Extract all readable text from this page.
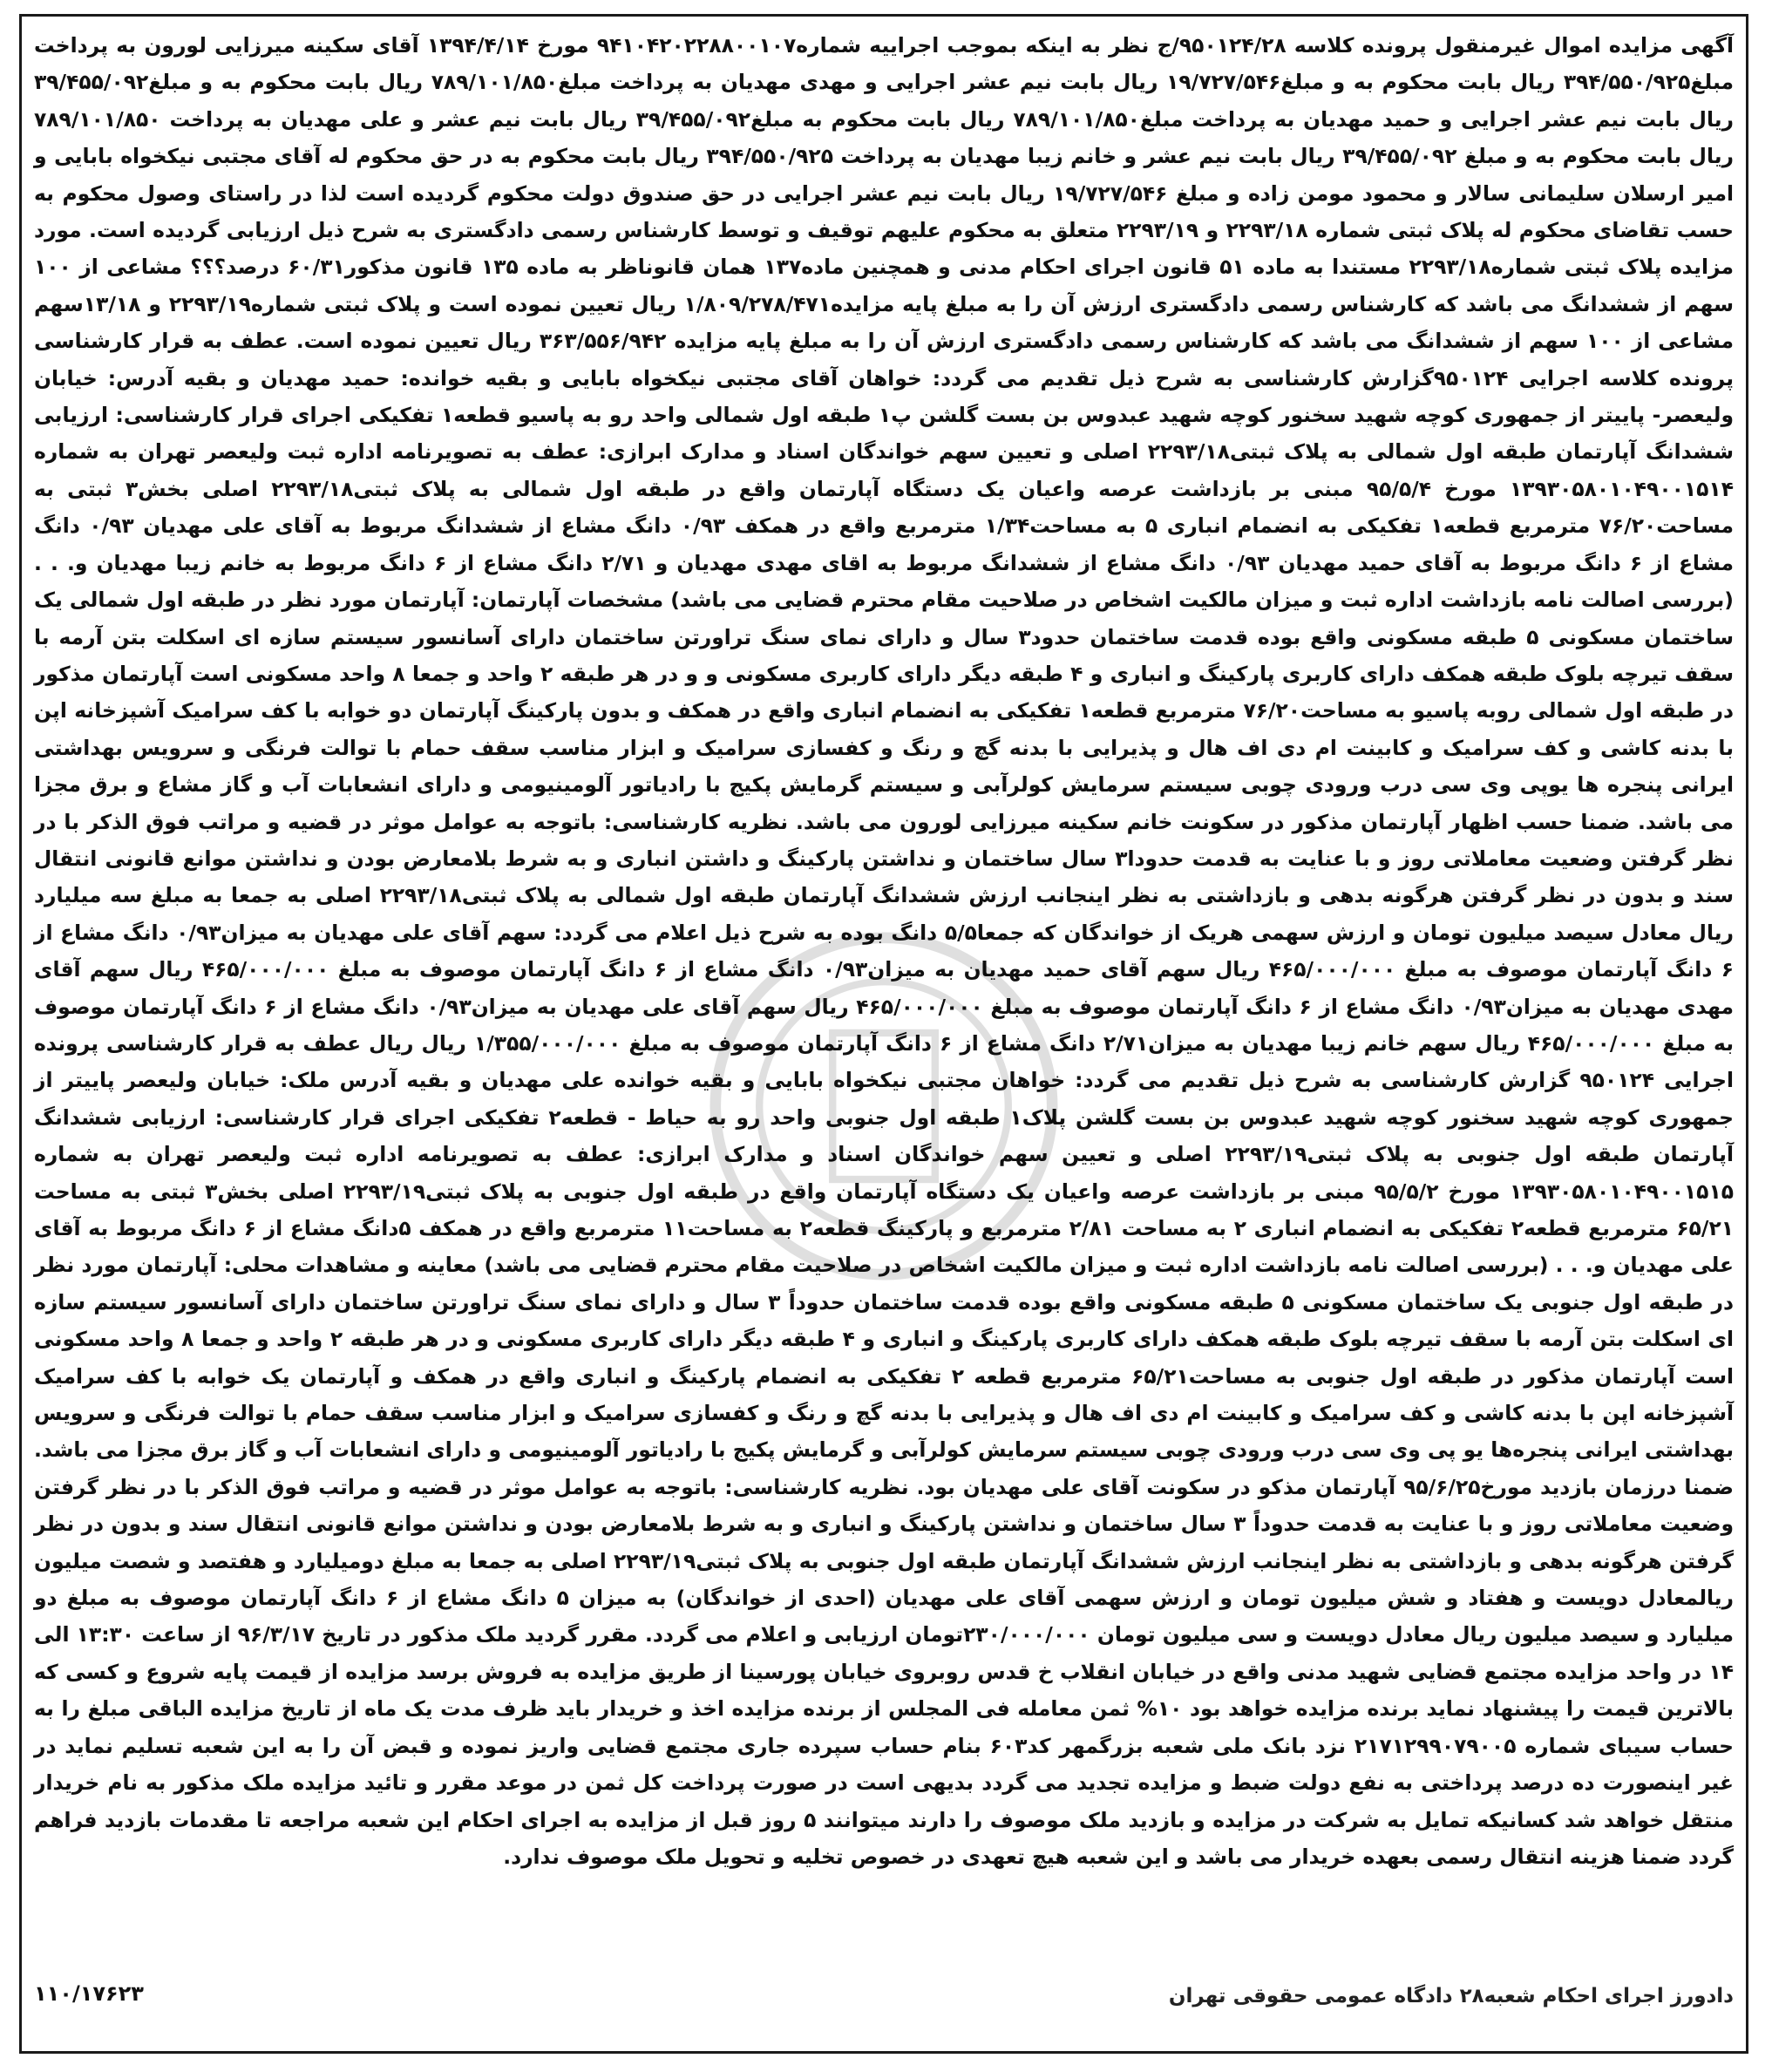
آگهی مزایده اموال غیرمنقول پرونده کلاسه ۹۵۰۱۲۴/۲۸/ج نظر به اینکه بموجب اجراییه شماره۹۴۱۰۴۲۰۲۲۸۸۰۰۱۰۷ مورخ ۱۳۹۴/۴/۱۴ آقای سکینه میرزایی لورون به پرداخت مبلغ۳۹۴/۵۵۰/۹۲۵ ریال بابت محکوم به و مبلغ۱۹/۷۲۷/۵۴۶ ریال بابت نیم عشر اجرایی و مهدی مهدیان به پرداخت مبلغ۷۸۹/۱۰۱/۸۵۰ ریال بابت محکوم به و مبلغ۳۹/۴۵۵/۰۹۲ ریال بابت نیم عشر اجرایی و حمید مهدیان به پرداخت مبلغ۷۸۹/۱۰۱/۸۵۰ ریال بابت محکوم به مبلغ۳۹/۴۵۵/۰۹۲ ریال بابت نیم عشر و علی مهدیان به پرداخت ۷۸۹/۱۰۱/۸۵۰ ریال بابت محکوم به و مبلغ ۳۹/۴۵۵/۰۹۲ ریال بابت نیم عشر و خانم زیبا مهدیان به پرداخت ۳۹۴/۵۵۰/۹۲۵ ریال بابت محکوم به در حق محکوم له آقای مجتبی نیکخواه بابایی و امیر ارسلان سلیمانی سالار و محمود مومن زاده و مبلغ ۱۹/۷۲۷/۵۴۶ ریال بابت نیم عشر اجرایی در حق صندوق دولت محکوم گردیده است لذا در راستای وصول محکوم به حسب تقاضای محکوم له پلاک ثبتی شماره ۲۲۹۳/۱۸ و ۲۲۹۳/۱۹ متعلق به محکوم علیهم توقیف و توسط کارشناس رسمی دادگستری به شرح ذیل ارزیابی گردیده است. مورد مزایده پلاک ثبتی شماره۲۲۹۳/۱۸ مستندا به ماده ۵۱ قانون اجرای احکام مدنی و همچنین ماده۱۳۷ همان قانوناظر به ماده ۱۳۵ قانون مذکور۶۰/۳۱ درصد؟؟؟ مشاعی از ۱۰۰ سهم از ششدانگ می باشد که کارشناس رسمی دادگستری ارزش آن را به مبلغ پایه مزایده۱/۸۰۹/۲۷۸/۴۷۱ ریال تعیین نموده است و پلاک ثبتی شماره۲۲۹۳/۱۹ و ۱۳/۱۸سهم مشاعی از ۱۰۰ سهم از ششدانگ می باشد که کارشناس رسمی دادگستری ارزش آن را به مبلغ پایه مزایده ۳۶۳/۵۵۶/۹۴۲ ریال تعیین نموده است. عطف به قرار کارشناسی پرونده کلاسه اجرایی ۹۵۰۱۲۴گزارش کارشناسی به شرح ذیل تقدیم می گردد: خواهان آقای مجتبی نیکخواه بابایی و بقیه خوانده: حمید مهدیان و بقیه آدرس: خیابان ولیعصر- پاییتر از جمهوری کوچه شهید سخنور کوچه شهید عبدوس بن بست گلشن پ۱ طبقه اول شمالی واحد رو به پاسیو قطعه۱ تفکیکی اجرای قرار کارشناسی: ارزیابی ششدانگ آپارتمان طبقه اول شمالی به پلاک ثبتی۲۲۹۳/۱۸ اصلی و تعیین سهم خواندگان اسناد و مدارک ابرازی: عطف به تصویرنامه اداره ثبت ولیعصر تهران به شماره ۱۳۹۳۰۵۸۰۱۰۴۹۰۰۱۵۱۴ مورخ ۹۵/۵/۴ مبنی بر بازداشت عرصه واعیان یک دستگاه آپارتمان واقع در طبقه اول شمالی به پلاک ثبتی۲۲۹۳/۱۸ اصلی بخش۳ ثبتی به مساحت۷۶/۲۰ مترمربع قطعه۱ تفکیکی به انضمام انباری ۵ به مساحت۱/۳۴ مترمربع واقع در همکف ۰/۹۳ دانگ مشاع از ششدانگ مربوط به آقای علی مهدیان ۰/۹۳ دانگ مشاع از ۶ دانگ مربوط به آقای حمید مهدیان ۰/۹۳ دانگ مشاع از ششدانگ مربوط به اقای مهدی مهدیان و ۲/۷۱ دانگ مشاع از ۶ دانگ مربوط به خانم زیبا مهدیان و. . . (بررسی اصالت نامه بازداشت اداره ثبت و میزان مالکیت اشخاص در صلاحیت مقام محترم قضایی می باشد) مشخصات آپارتمان: آپارتمان مورد نظر در طبقه اول شمالی یک ساختمان مسکونی ۵ طبقه مسکونی واقع بوده قدمت ساختمان حدود۳ سال و دارای نمای سنگ تراورتن ساختمان دارای آسانسور سیستم سازه ای اسکلت بتن آرمه با سقف تیرچه بلوک طبقه همکف دارای کاربری پارکینگ و انباری و ۴ طبقه دیگر دارای کاربری مسکونی و و در هر طبقه ۲ واحد و جمعا ۸ واحد مسکونی است آپارتمان مذکور در طبقه اول شمالی روبه پاسیو به مساحت۷۶/۲۰ مترمربع قطعه۱ تفکیکی به انضمام انباری واقع در همکف و بدون پارکینگ آپارتمان دو خوابه با کف سرامیک آشپزخانه اپن با بدنه کاشی و کف سرامیک و کابینت ام دی اف هال و پذیرایی با بدنه گچ و رنگ و کفسازی سرامیک و ابزار مناسب سقف حمام با توالت فرنگی و سرویس بهداشتی ایرانی پنجره ها یوپی وی سی درب ورودی چوبی سیستم سرمایش کولرآبی و سیستم گرمایش پکیج با رادیاتور آلومینیومی و دارای انشعابات آب و گاز مشاع و برق مجزا می باشد. ضمنا حسب اظهار آپارتمان مذکور در سکونت خانم سکینه میرزایی لورون می باشد. نظریه کارشناسی: باتوجه به عوامل موثر در قضیه و مراتب فوق الذکر با در نظر گرفتن وضعیت معاملاتی روز و با عنایت به قدمت حدودا۳ سال ساختمان و نداشتن پارکینگ و داشتن انباری و به شرط بلامعارض بودن و نداشتن موانع قانونی انتقال سند و بدون در نظر گرفتن هرگونه بدهی و بازداشتی به نظر اینجانب ارزش ششدانگ آپارتمان طبقه اول شمالی به پلاک ثبتی۲۲۹۳/۱۸ اصلی به جمعا به مبلغ سه میلیارد ریال معادل سیصد میلیون تومان و ارزش سهمی هریک از خواندگان که جمعا۵/۵ دانگ بوده به شرح ذیل اعلام می گردد: سهم آقای علی مهدیان به میزان۰/۹۳ دانگ مشاع از ۶ دانگ آپارتمان موصوف به مبلغ ۴۶۵/۰۰۰/۰۰۰ ریال سهم آقای حمید مهدیان به میزان۰/۹۳ دانگ مشاع از ۶ دانگ آپارتمان موصوف به مبلغ ۴۶۵/۰۰۰/۰۰۰ ریال سهم آقای مهدی مهدیان به میزان۰/۹۳ دانگ مشاع از ۶ دانگ آپارتمان موصوف به مبلغ ۴۶۵/۰۰۰/۰۰۰ ریال سهم آقای علی مهدیان به میزان۰/۹۳ دانگ مشاع از ۶ دانگ آپارتمان موصوف به مبلغ ۴۶۵/۰۰۰/۰۰۰ ریال سهم خانم زیبا مهدیان به میزان۲/۷۱ دانگ مشاع از ۶ دانگ آپارتمان موصوف به مبلغ ۱/۳۵۵/۰۰۰/۰۰۰ ریال ریال عطف به قرار کارشناسی پرونده اجرایی ۹۵۰۱۲۴ گزارش کارشناسی به شرح ذیل تقدیم می گردد: خواهان مجتبی نیکخواه بابایی و بقیه خوانده علی مهدیان و بقیه آدرس ملک: خیابان ولیعصر پاییتر از جمهوری کوچه شهید سخنور کوچه شهید عبدوس بن بست گلشن پلاک۱ طبقه اول جنوبی واحد رو به حیاط - قطعه۲ تفکیکی اجرای قرار کارشناسی: ارزیابی ششدانگ آپارتمان طبقه اول جنوبی به پلاک ثبتی۲۲۹۳/۱۹ اصلی و تعیین سهم خواندگان اسناد و مدارک ابرازی: عطف به تصویرنامه اداره ثبت ولیعصر تهران به شماره ۱۳۹۳۰۵۸۰۱۰۴۹۰۰۱۵۱۵ مورخ ۹۵/۵/۲ مبنی بر بازداشت عرصه واعیان یک دستگاه آپارتمان واقع در طبقه اول جنوبی به پلاک ثبتی۲۲۹۳/۱۹ اصلی بخش۳ ثبتی به مساحت ۶۵/۲۱ مترمربع قطعه۲ تفکیکی به انضمام انباری ۲ به مساحت ۲/۸۱ مترمربع و پارکینگ قطعه۲ به مساحت۱۱ مترمربع واقع در همکف ۵دانگ مشاع از ۶ دانگ مربوط به آقای علی مهدیان و. . . (بررسی اصالت نامه بازداشت اداره ثبت و میزان مالکیت اشخاص در صلاحیت مقام محترم قضایی می باشد) معاینه و مشاهدات محلی: آپارتمان مورد نظر در طبقه اول جنوبی یک ساختمان مسکونی ۵ طبقه مسکونی واقع بوده قدمت ساختمان حدوداً ۳ سال و دارای نمای سنگ تراورتن ساختمان دارای آسانسور سیستم سازه ای اسکلت بتن آرمه با سقف تیرچه بلوک طبقه همکف دارای کاربری پارکینگ و انباری و ۴ طبقه دیگر دارای کاربری مسکونی و در هر طبقه ۲ واحد و جمعا ۸ واحد مسکونی است آپارتمان مذکور در طبقه اول جنوبی به مساحت۶۵/۲۱ مترمربع قطعه ۲ تفکیکی به انضمام پارکینگ و انباری واقع در همکف و آپارتمان یک خوابه با کف سرامیک آشپزخانه اپن با بدنه کاشی و کف سرامیک و کابینت ام دی اف هال و پذیرایی با بدنه گچ و رنگ و کفسازی سرامیک و ابزار مناسب سقف حمام با توالت فرنگی و سرویس بهداشتی ایرانی پنجره‌ها یو پی وی سی درب ورودی چوبی سیستم سرمایش کولرآبی و گرمایش پکیج با رادیاتور آلومینیومی و دارای انشعابات آب و گاز برق مجزا می باشد. ضمنا درزمان بازدید مورخ۹۵/۶/۲۵ آپارتمان مذکو در سکونت آقای علی مهدیان بود. نظریه کارشناسی: باتوجه به عوامل موثر در قضیه و مراتب فوق الذکر با در نظر گرفتن وضعیت معاملاتی روز و با عنایت به قدمت حدوداً ۳ سال ساختمان و نداشتن پارکینگ و انباری و به شرط بلامعارض بودن و نداشتن موانع قانونی انتقال سند و بدون در نظر گرفتن هرگونه بدهی و بازداشتی به نظر اینجانب ارزش ششدانگ آپارتمان طبقه اول جنوبی به پلاک ثبتی۲۲۹۳/۱۹ اصلی به جمعا به مبلغ دومیلیارد و هفتصد و شصت میلیون ریالمعادل دویست و هفتاد و شش میلیون تومان و ارزش سهمی آقای علی مهدیان (احدی از خواندگان) به میزان ۵ دانگ مشاع از ۶ دانگ آپارتمان موصوف به مبلغ دو میلیارد و سیصد میلیون ریال معادل دویست و سی میلیون تومان ۲۳۰/۰۰۰/۰۰۰تومان ارزیابی و اعلام می گردد. مقرر گردید ملک مذکور در تاریخ ۹۶/۳/۱۷ از ساعت ۱۳:۳۰ الی ۱۴ در واحد مزایده مجتمع قضایی شهید مدنی واقع در خیابان انقلاب خ قدس روبروی خیابان پورسینا از طریق مزایده به فروش برسد مزایده از قیمت پایه شروع و کسی که بالاترین قیمت را پیشنهاد نماید برنده مزایده خواهد بود ۱۰% ثمن معامله فی المجلس از برنده مزایده اخذ و خریدار باید ظرف مدت یک ماه از تاریخ مزایده الباقی مبلغ را به حساب سیبای شماره ۲۱۷۱۲۹۹۰۷۹۰۰۵ نزد بانک ملی شعبه بزرگمهر کد۶۰۳ بنام حساب سپرده جاری مجتمع قضایی واریز نموده و قبض آن را به این شعبه تسلیم نماید در غیر اینصورت ده درصد پرداختی به نفع دولت ضبط و مزایده تجدید می گردد بدیهی است در صورت پرداخت کل ثمن در موعد مقرر و تائید مزایده ملک مذکور به نام خریدار منتقل خواهد شد کسانیکه تمایل به شرکت در مزایده و بازدید ملک موصوف را دارند میتوانند ۵ روز قبل از مزایده به اجرای احکام این شعبه مراجعه تا مقدمات بازدید فراهم گردد ضمنا هزینه انتقال رسمی بعهده خریدار می باشد و این شعبه هیچ تعهدی در خصوص تخلیه و تحویل ملک موصوف ندارد.

دادورز اجرای احکام شعبه۲۸ دادگاه عمومی حقوقی تهران
۱۱۰/۱۷۶۲۳
